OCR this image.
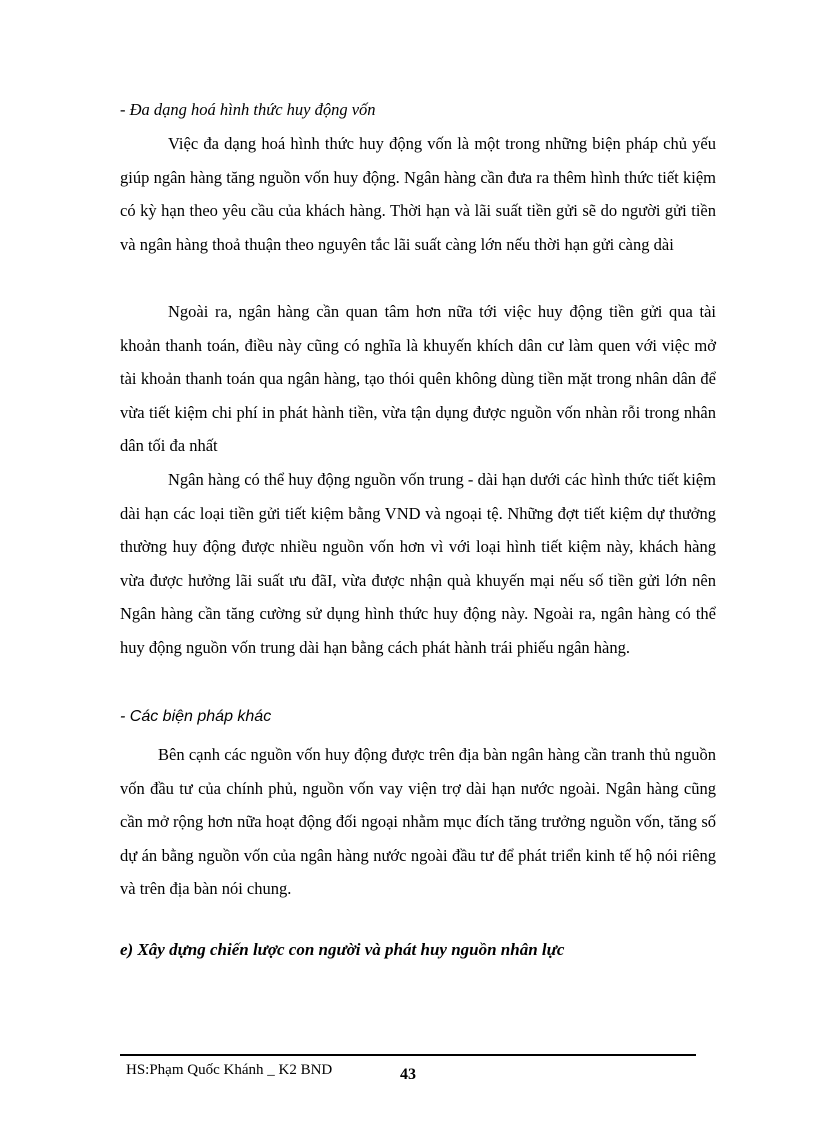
- Đa dạng hoá hình thức huy động vốn

Việc đa dạng hoá hình thức huy động vốn là một trong những biện pháp chủ yếu giúp ngân hàng tăng nguồn vốn huy động. Ngân hàng cần đưa ra thêm hình thức tiết kiệm có kỳ hạn theo yêu cầu của khách hàng. Thời hạn và lãi suất tiền gửi sẽ do người gửi tiền và ngân hàng thoả thuận theo nguyên tắc lãi suất càng lớn nếu thời hạn gửi càng dài

Ngoài ra, ngân hàng cần quan tâm hơn nữa tới việc huy động tiền gửi qua tài khoản thanh toán, điều này cũng có nghĩa là khuyến khích dân cư làm quen với việc mở tài khoản thanh toán qua ngân hàng, tạo thói quên không dùng tiền mặt trong nhân dân để vừa tiết kiệm chi phí in phát hành tiền, vừa tận dụng được nguồn vốn nhàn rỗi trong nhân dân tối đa nhất

Ngân hàng có thể huy động nguồn vốn trung - dài hạn dưới các hình thức tiết kiệm dài hạn các loại tiền gửi tiết kiệm bằng VND và ngoại tệ. Những đợt tiết kiệm dự thưởng thường huy động được nhiều nguồn vốn hơn vì với loại hình tiết kiệm này, khách hàng vừa được hưởng lãi suất ưu đãI, vừa được nhận quà khuyến mại nếu số tiền gửi lớn nên Ngân hàng cần tăng cường sử dụng hình thức huy động này. Ngoài ra, ngân hàng có thể huy động nguồn vốn trung dài hạn bằng cách phát hành trái phiếu ngân hàng.

- Các biện pháp khác

Bên cạnh các nguồn vốn huy động được trên địa bàn ngân hàng cần tranh thủ nguồn vốn đầu tư của chính phủ, nguồn vốn vay viện trợ dài hạn nước ngoài. Ngân hàng cũng cần mở rộng hơn nữa hoạt động đối ngoại nhằm mục đích tăng trưởng nguồn vốn, tăng số dự án bằng nguồn vốn của ngân hàng nước ngoài đầu tư để phát triển kinh tế hộ nói riêng và trên địa bàn nói chung.

e) Xây dựng chiến lược con người và phát huy nguồn nhân lực

HS:Phạm Quốc Khánh _ K2 BND	43
